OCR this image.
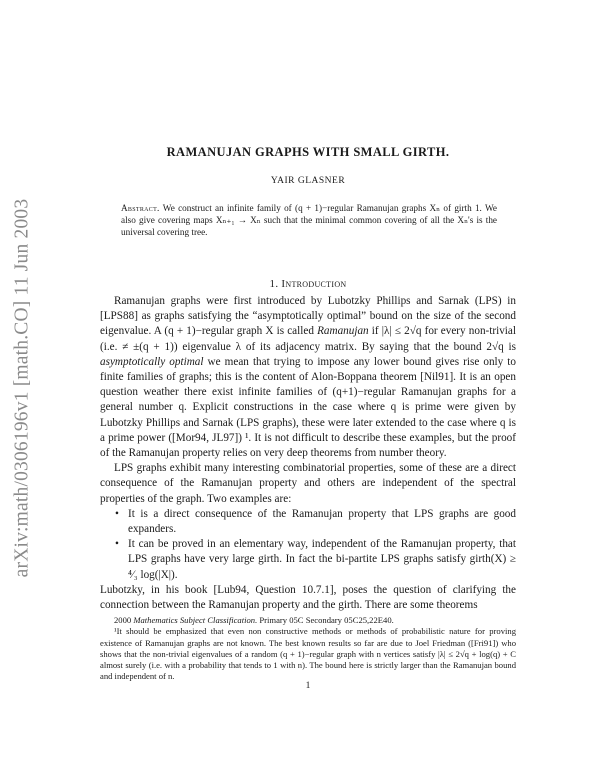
arXiv:math/0306196v1 [math.CO] 11 Jun 2003
RAMANUJAN GRAPHS WITH SMALL GIRTH.
YAIR GLASNER
Abstract. We construct an infinite family of (q + 1)−regular Ramanujan graphs Xₙ of girth 1. We also give covering maps Xₙ₊₁ → Xₙ such that the minimal common covering of all the Xₙ's is the universal covering tree.
1. Introduction

Ramanujan graphs were first introduced by Lubotzky Phillips and Sarnak (LPS) in [LPS88] as graphs satisfying the “asymptotically optimal” bound on the size of the second eigenvalue. A (q + 1)−regular graph X is called Ramanujan if |λ| ≤ 2√q for every non-trivial (i.e. ≠ ±(q + 1)) eigenvalue λ of its adjacency matrix. By saying that the bound 2√q is asymptotically optimal we mean that trying to impose any lower bound gives rise only to finite families of graphs; this is the content of Alon-Boppana theorem [Nil91]. It is an open question weather there exist infinite families of (q+1)−regular Ramanujan graphs for a general number q. Explicit constructions in the case where q is prime were given by Lubotzky Phillips and Sarnak (LPS graphs), these were later extended to the case where q is a prime power ([Mor94, JL97]) ¹. It is not difficult to describe these examples, but the proof of the Ramanujan property relies on very deep theorems from number theory.

LPS graphs exhibit many interesting combinatorial properties, some of these are a direct consequence of the Ramanujan property and others are independent of the spectral properties of the graph. Two examples are:

• It is a direct consequence of the Ramanujan property that LPS graphs are good expanders.
• It can be proved in an elementary way, independent of the Ramanujan property, that LPS graphs have very large girth. In fact the bi-partite LPS graphs satisfy girth(X) ≥ ⁴⁄₃ log(|X|).

Lubotzky, in his book [Lub94, Question 10.7.1], poses the question of clarifying the connection between the Ramanujan property and the girth. There are some theorems

2000 Mathematics Subject Classification. Primary 05C Secondary 05C25,22E40.

¹It should be emphasized that even non constructive methods or methods of probabilistic nature for proving existence of Ramanujan graphs are not known. The best known results so far are due to Joel Friedman ([Fri91]) who shows that the non-trivial eigenvalues of a random (q + 1)−regular graph with n vertices satisfy |λ| ≤ 2√q + log(q) + C almost surely (i.e. with a probability that tends to 1 with n). The bound here is strictly larger than the Ramanujan bound and independent of n.

1
